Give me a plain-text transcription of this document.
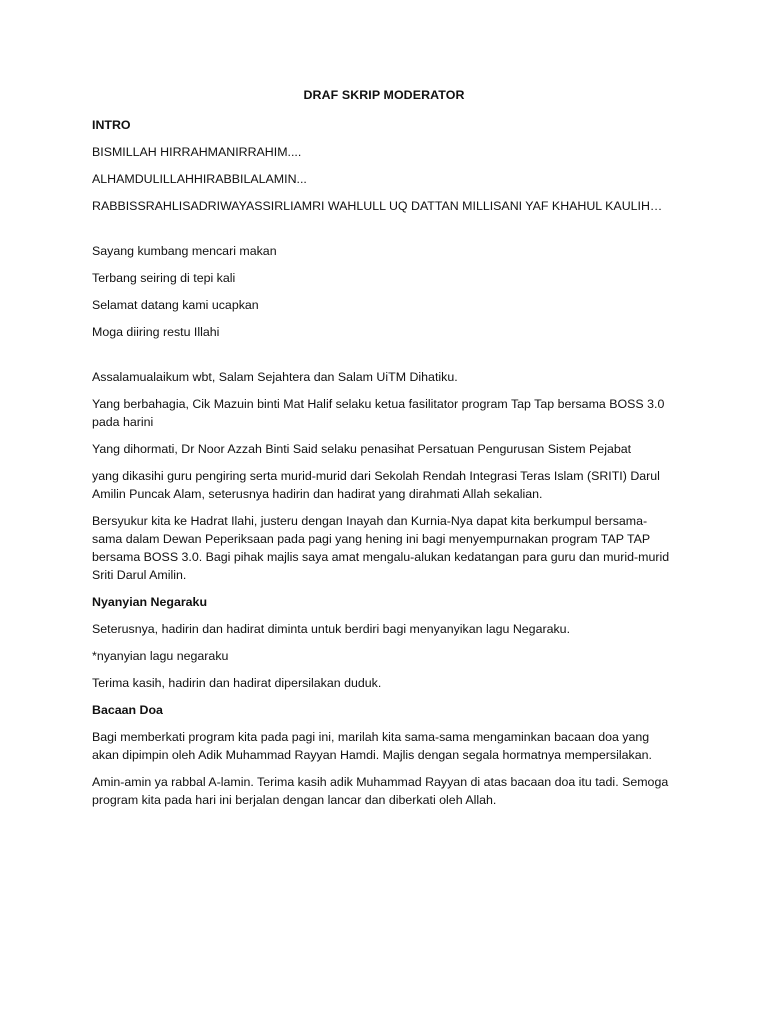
DRAF SKRIP MODERATOR

INTRO

BISMILLAH HIRRAHMANIRRAHIM....

ALHAMDULILLAHHIRABBILALAMIN...

RABBISSRAHLISADRIWAYASSIRLIAMRI WAHLULL UQ DATTAN MILLISANI YAF KHAHUL KAULIH…

Sayang kumbang mencari makan

Terbang seiring di tepi kali

Selamat datang kami ucapkan

Moga diiring restu Illahi

Assalamualaikum wbt, Salam Sejahtera dan Salam UiTM Dihatiku.

Yang berbahagia, Cik Mazuin binti Mat Halif selaku ketua fasilitator program Tap Tap bersama BOSS 3.0 pada harini

Yang dihormati, Dr Noor Azzah Binti Said selaku penasihat Persatuan Pengurusan Sistem Pejabat

yang dikasihi guru pengiring serta murid-murid dari Sekolah Rendah Integrasi Teras Islam (SRITI) Darul Amilin Puncak Alam, seterusnya hadirin dan hadirat yang dirahmati Allah sekalian.

Bersyukur kita ke Hadrat Ilahi, justeru dengan Inayah dan Kurnia-Nya dapat kita berkumpul bersama-sama dalam Dewan Peperiksaan pada pagi yang hening ini bagi menyempurnakan program TAP TAP bersama BOSS 3.0. Bagi pihak majlis saya amat mengalu-alukan kedatangan para guru dan murid-murid Sriti Darul Amilin.

Nyanyian Negaraku

Seterusnya, hadirin dan hadirat diminta untuk berdiri bagi menyanyikan lagu Negaraku.

*nyanyian lagu negaraku

Terima kasih, hadirin dan hadirat dipersilakan duduk.

Bacaan Doa

Bagi memberkati program kita pada pagi ini, marilah kita sama-sama mengaminkan bacaan doa yang akan dipimpin oleh Adik Muhammad Rayyan Hamdi. Majlis dengan segala hormatnya mempersilakan.

Amin-amin ya rabbal A-lamin. Terima kasih adik Muhammad Rayyan di atas bacaan doa itu tadi. Semoga program kita pada hari ini berjalan dengan lancar dan diberkati oleh Allah.
